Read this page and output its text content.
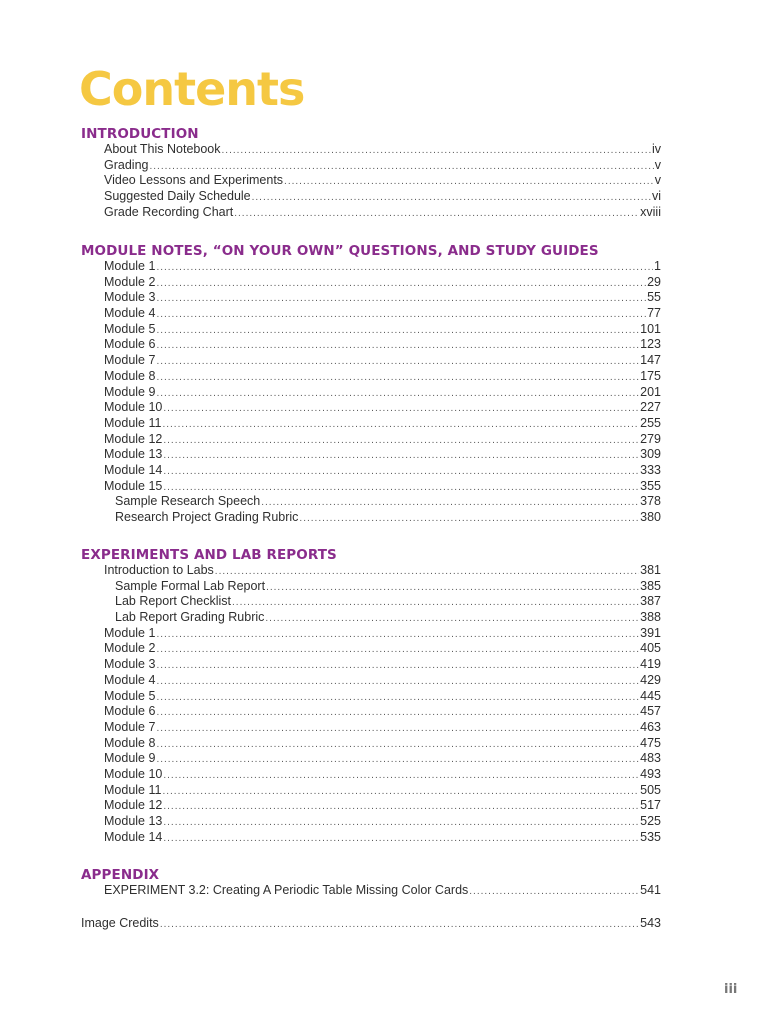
Contents
INTRODUCTION
About This Notebook .....	iv
Grading .....	v
Video Lessons and Experiments .....	v
Suggested Daily Schedule .....	vi
Grade Recording Chart .....	xviii
MODULE NOTES, “ON YOUR OWN” QUESTIONS, AND STUDY GUIDES
Module 1 .....	1
Module 2 .....	29
Module 3 .....	55
Module 4 .....	77
Module 5 .....	101
Module 6 .....	123
Module 7 .....	147
Module 8 .....	175
Module 9 .....	201
Module 10 .....	227
Module 11 .....	255
Module 12 .....	279
Module 13 .....	309
Module 14 .....	333
Module 15 .....	355
Sample Research Speech .....	378
Research Project Grading Rubric .....	380
EXPERIMENTS AND LAB REPORTS
Introduction to Labs .....	381
Sample Formal Lab Report .....	385
Lab Report Checklist .....	387
Lab Report Grading Rubric .....	388
Module 1 .....	391
Module 2 .....	405
Module 3 .....	419
Module 4 .....	429
Module 5 .....	445
Module 6 .....	457
Module 7 .....	463
Module 8 .....	475
Module 9 .....	483
Module 10 .....	493
Module 11 .....	505
Module 12 .....	517
Module 13 .....	525
Module 14 .....	535
APPENDIX
EXPERIMENT 3.2: Creating A Periodic Table Missing Color Cards .....	541
Image Credits .....	543
iii
